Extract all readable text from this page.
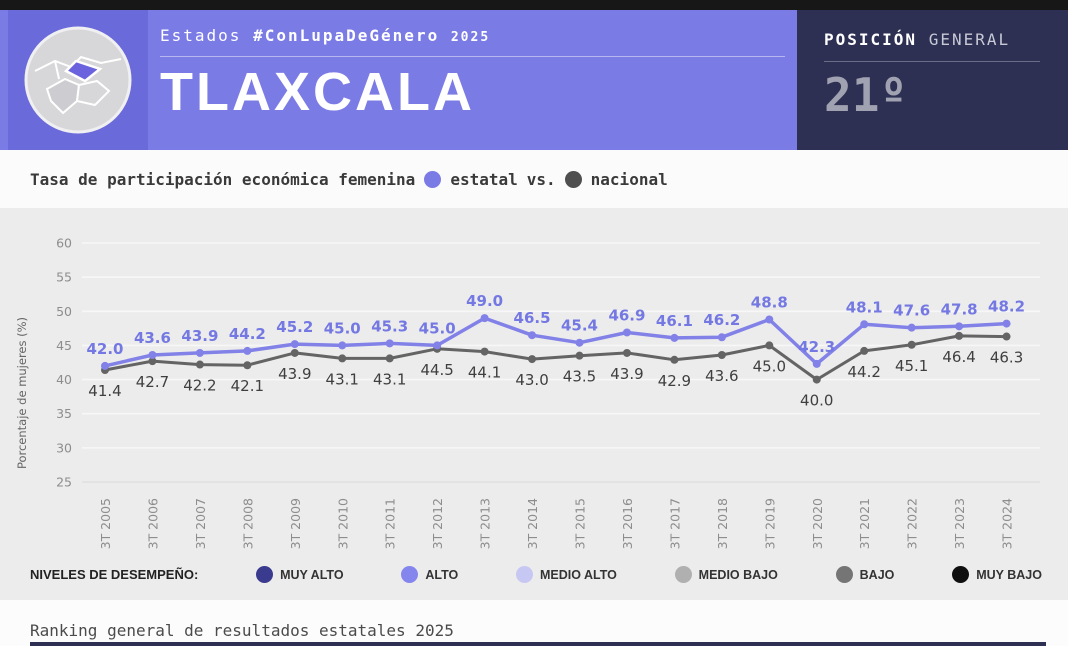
Estados #ConLupaDeGénero 2025
TLAXCALA
POSICIÓN GENERAL
21º
Tasa de participación económica femenina estatal vs. nacional
60
55
50
45
40
35
30
25
Porcentaje de mujeres (%)
3T 2005	3T 2006	3T 2007	3T 2008	3T 2009	3T 2010	3T 2011	3T 2012	3T 2013	3T 2014	3T 2015	3T 2016	3T 2017	3T 2018	3T 2019	3T 2020	3T 2021	3T 2022	3T 2023	3T 2024
41.4 42.7 42.2 42.1
43.9 43.1 43.1
44.5 44.1 43.0 43.5 43.9 42.9 43.6
45.0
40.0
44.2 45.1 46.4 46.3
42.0
43.6 43.9 44.2 45.2 45.0 45.3 45.0
49.0
46.5 45.4
46.9 46.1 46.2
48.8
42.3
48.1 47.6 47.8 48.2
NIVELES DE DESEMPEÑO:	MUY ALTO	ALTO	MEDIO ALTO	MEDIO BAJO	BAJO	MUY BAJO
Ranking general de resultados estatales 2025
